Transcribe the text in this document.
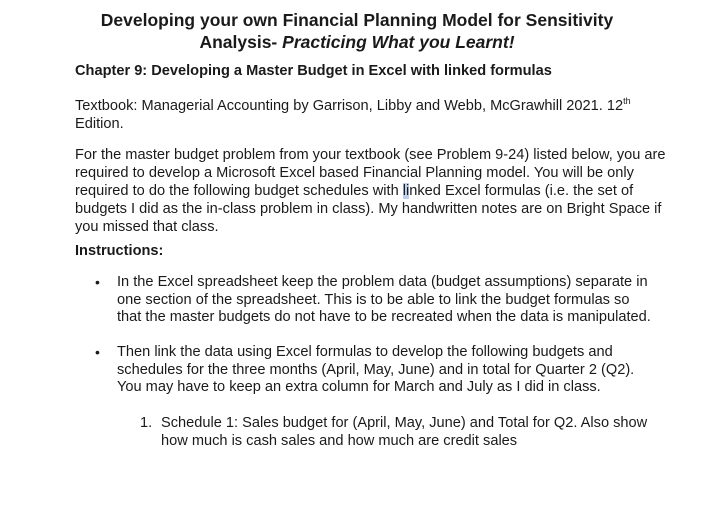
Developing your own Financial Planning Model for Sensitivity
Analysis- Practicing What you Learnt!
Chapter 9: Developing a Master Budget in Excel with linked formulas
Textbook: Managerial Accounting by Garrison, Libby and Webb, McGrawhill 2021. 12th
Edition.
For the master budget problem from your textbook (see Problem 9-24) listed below, you are required to develop a Microsoft Excel based Financial Planning model. You will be only required to do the following budget schedules with linked Excel formulas (i.e. the set of budgets I did as the in-class problem in class). My handwritten notes are on Bright Space if you missed that class.
Instructions:
• In the Excel spreadsheet keep the problem data (budget assumptions) separate in one section of the spreadsheet. This is to be able to link the budget formulas so that the master budgets do not have to be recreated when the data is manipulated.
• Then link the data using Excel formulas to develop the following budgets and schedules for the three months (April, May, June) and in total for Quarter 2 (Q2). You may have to keep an extra column for March and July as I did in class.
1. Schedule 1: Sales budget for (April, May, June) and Total for Q2. Also show how much is cash sales and how much are credit sales
